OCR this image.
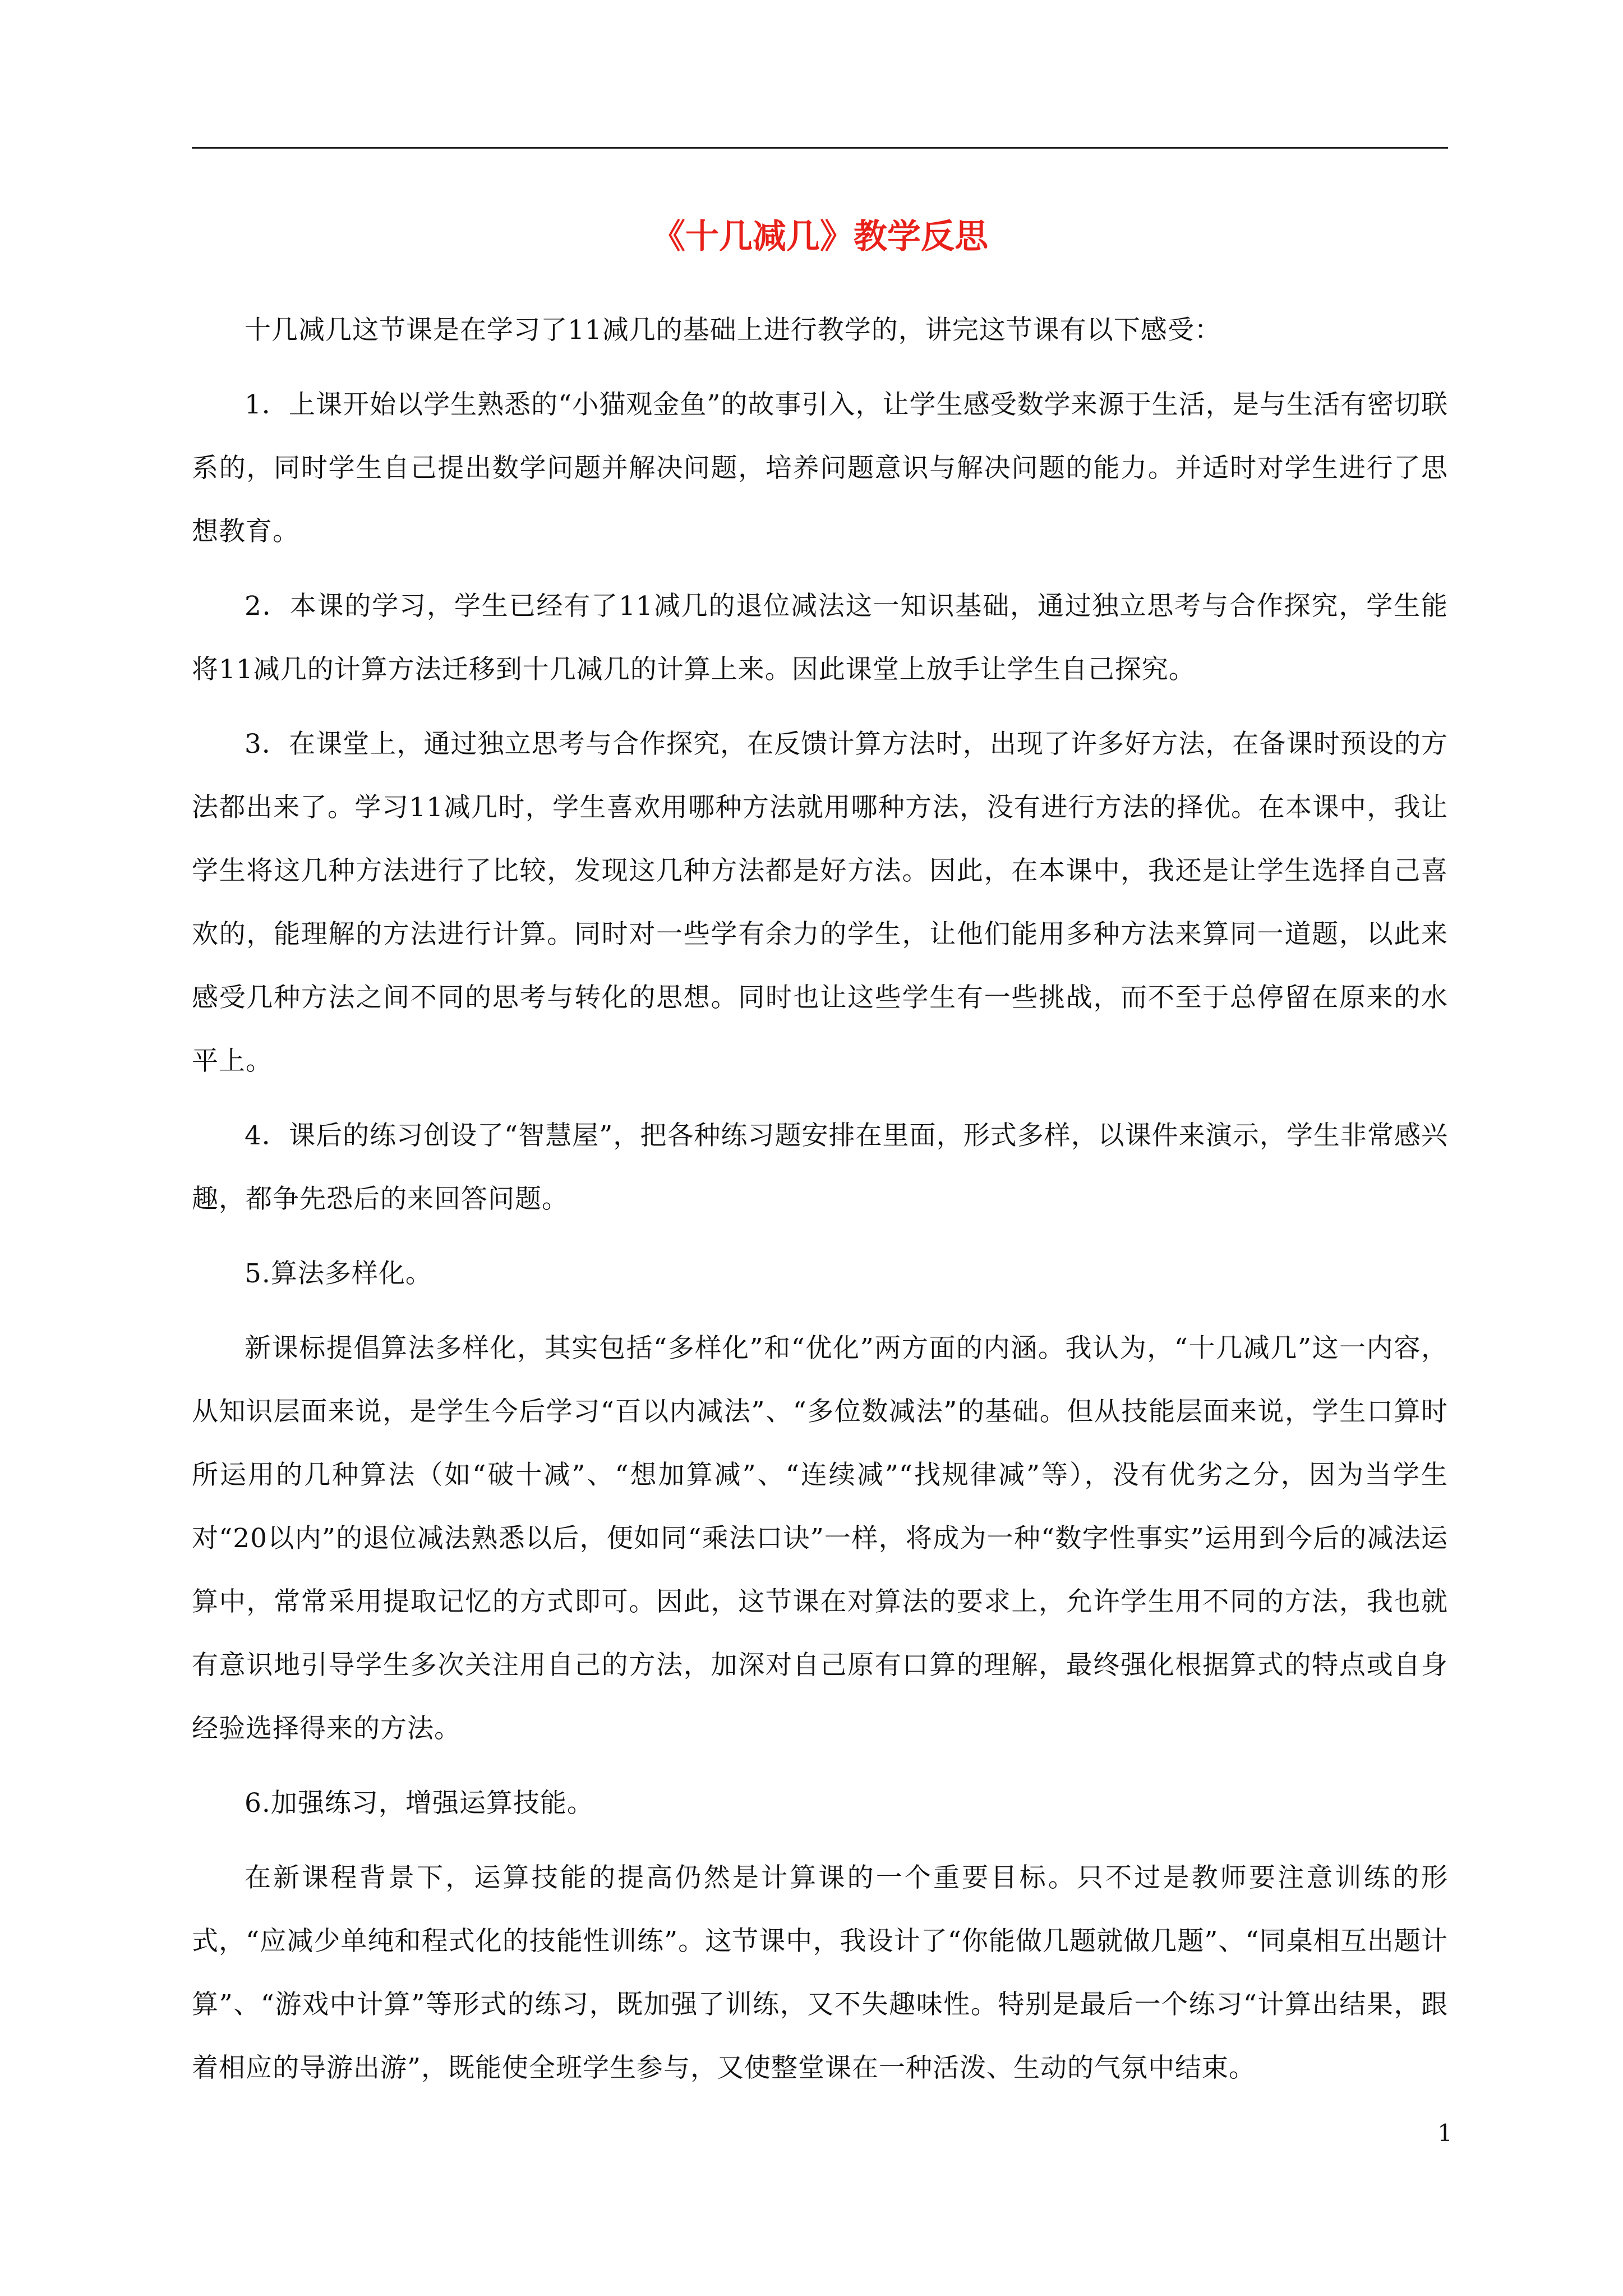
《十几减几》教学反思

十几减几这节课是在学习了11减几的基础上进行教学的，讲完这节课有以下感受：

1．上课开始以学生熟悉的“小猫观金鱼”的故事引入，让学生感受数学来源于生活，是与生活有密切联系的，同时学生自己提出数学问题并解决问题，培养问题意识与解决问题的能力。并适时对学生进行了思想教育。

2．本课的学习，学生已经有了11减几的退位减法这一知识基础，通过独立思考与合作探究，学生能将11减几的计算方法迁移到十几减几的计算上来。因此课堂上放手让学生自己探究。

3．在课堂上，通过独立思考与合作探究，在反馈计算方法时，出现了许多好方法，在备课时预设的方法都出来了。学习11减几时，学生喜欢用哪种方法就用哪种方法，没有进行方法的择优。在本课中，我让学生将这几种方法进行了比较，发现这几种方法都是好方法。因此，在本课中，我还是让学生选择自己喜欢的，能理解的方法进行计算。同时对一些学有余力的学生，让他们能用多种方法来算同一道题，以此来感受几种方法之间不同的思考与转化的思想。同时也让这些学生有一些挑战，而不至于总停留在原来的水平上。

4．课后的练习创设了“智慧屋”，把各种练习题安排在里面，形式多样，以课件来演示，学生非常感兴趣，都争先恐后的来回答问题。

5.算法多样化。

新课标提倡算法多样化，其实包括“多样化”和“优化”两方面的内涵。我认为，“十几减几”这一内容，从知识层面来说，是学生今后学习“百以内减法”、“多位数减法”的基础。但从技能层面来说，学生口算时所运用的几种算法（如“破十减”、“想加算减”、“连续减”“找规律减”等），没有优劣之分，因为当学生对“20以内”的退位减法熟悉以后，便如同“乘法口诀”一样，将成为一种“数字性事实”运用到今后的减法运算中，常常采用提取记忆的方式即可。因此，这节课在对算法的要求上，允许学生用不同的方法，我也就有意识地引导学生多次关注用自己的方法，加深对自己原有口算的理解，最终强化根据算式的特点或自身经验选择得来的方法。

6.加强练习，增强运算技能。

在新课程背景下，运算技能的提高仍然是计算课的一个重要目标。只不过是教师要注意训练的形式，“应减少单纯和程式化的技能性训练”。这节课中，我设计了“你能做几题就做几题”、“同桌相互出题计算”、“游戏中计算”等形式的练习，既加强了训练，又不失趣味性。特别是最后一个练习“计算出结果，跟着相应的导游出游”，既能使全班学生参与，又使整堂课在一种活泼、生动的气氛中结束。

1
